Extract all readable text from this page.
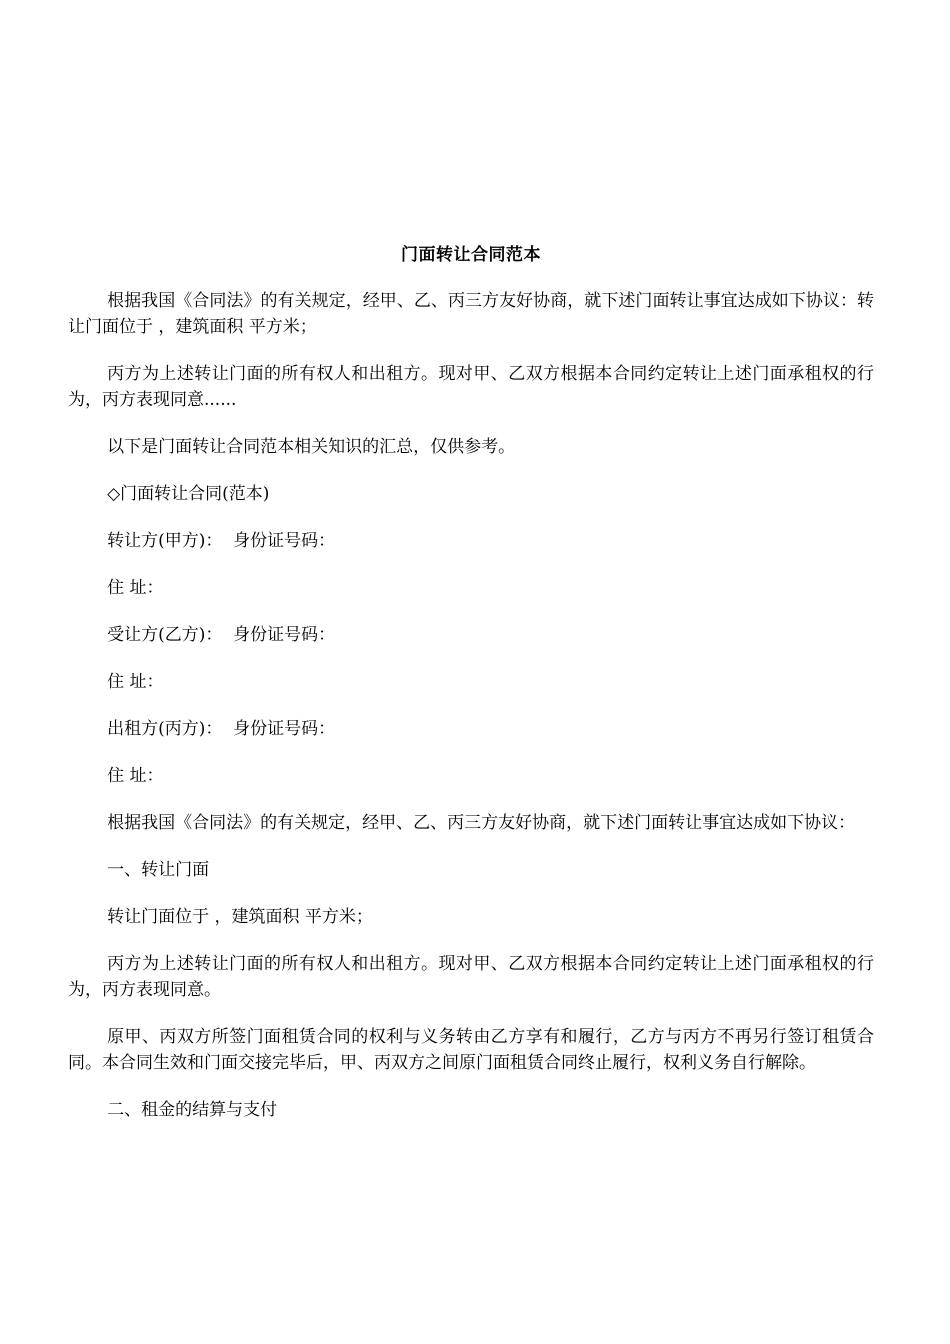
门面转让合同范本

根据我国《合同法》的有关规定，经甲、乙、丙三方友好协商，就下述门面转让事宜达成如下协议：转让门面位于 ，建筑面积 平方米；

丙方为上述转让门面的所有权人和出租方。现对甲、乙双方根据本合同约定转让上述门面承租权的行为，丙方表现同意......

以下是门面转让合同范本相关知识的汇总，仅供参考。

◇门面转让合同(范本)

转让方(甲方)：  身份证号码：

住 址：

受让方(乙方)：  身份证号码：

住 址：

出租方(丙方)：  身份证号码：

住 址：

根据我国《合同法》的有关规定，经甲、乙、丙三方友好协商，就下述门面转让事宜达成如下协议：

一、转让门面

转让门面位于 ，建筑面积 平方米；

丙方为上述转让门面的所有权人和出租方。现对甲、乙双方根据本合同约定转让上述门面承租权的行为，丙方表现同意。

原甲、丙双方所签门面租赁合同的权利与义务转由乙方享有和履行，乙方与丙方不再另行签订租赁合同。本合同生效和门面交接完毕后，甲、丙双方之间原门面租赁合同终止履行，权利义务自行解除。

二、租金的结算与支付
